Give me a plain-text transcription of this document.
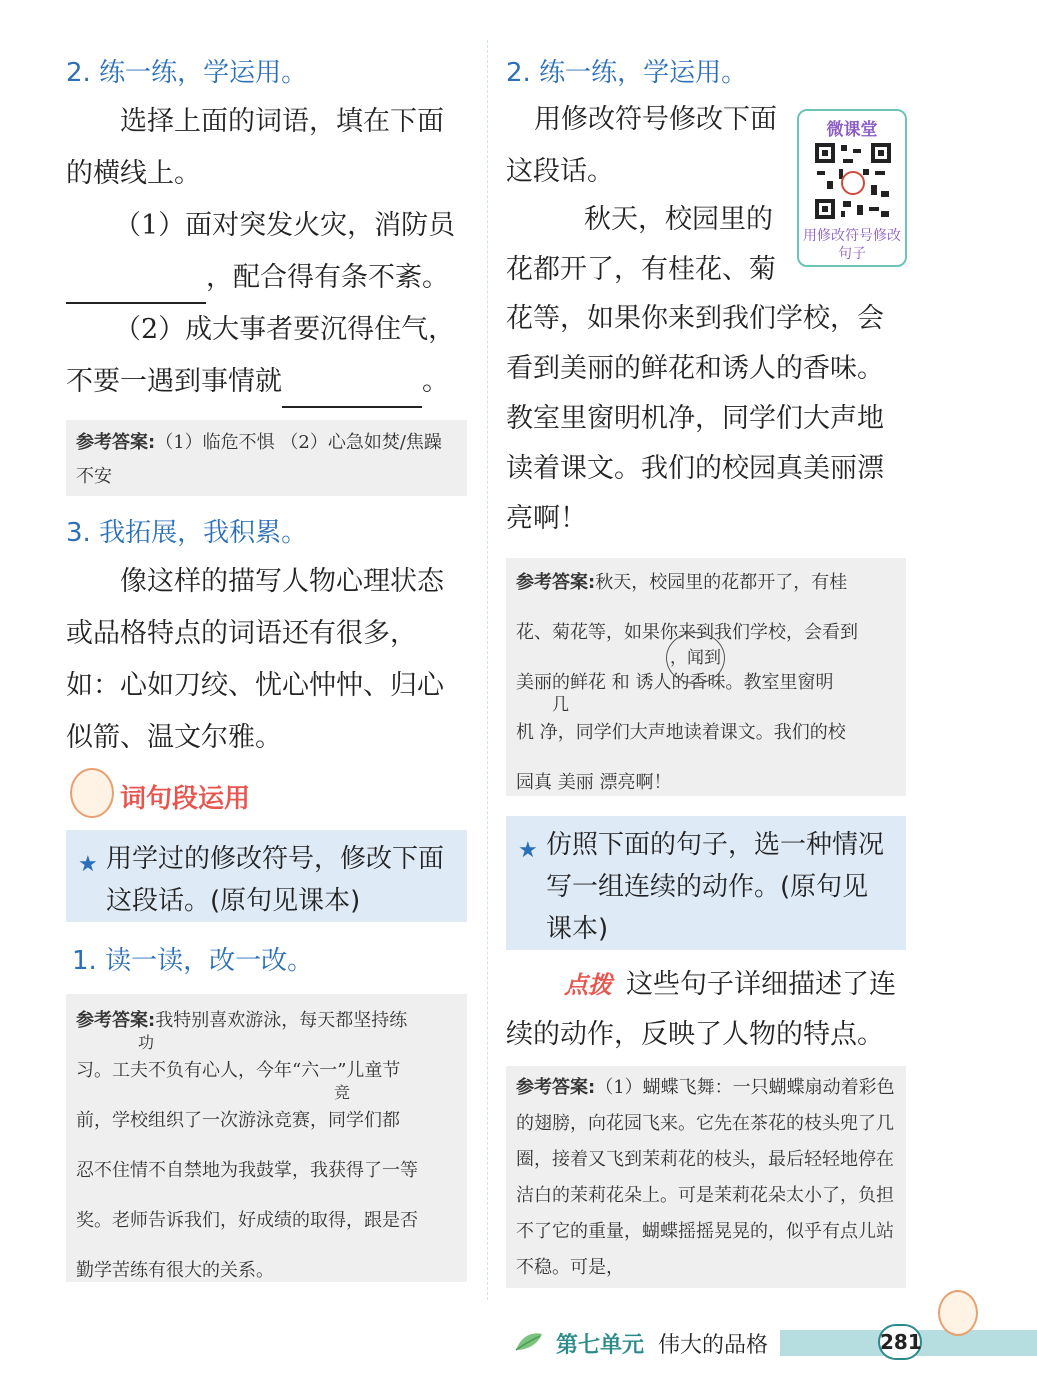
2. 练一练，学运用。
选择上面的词语，填在下面的横线上。
（1）面对突发火灾，消防员
，配合得有条不紊。
（2）成大事者要沉得住气，
不要一遇到事情就	。
参考答案:（1）临危不惧 （2）心急如焚/焦躁不安
3. 我拓展，我积累。
像这样的描写人物心理状态或品格特点的词语还有很多，如：心如刀绞、忧心忡忡、归心似箭、温文尔雅。
词句段运用
★ 用学过的修改符号，修改下面这段话。(原句见课本)
1. 读一读，改一改。
参考答案:我特别喜欢游泳，每天都坚持练
功
习。工夫不负有心人，今年“六一”儿童节
竞
前，学校组织了一次游泳竞赛，同学们都
忍不住情不自禁地为我鼓掌，我获得了一等
奖。老师告诉我们，好成绩的取得，跟是否
勤学苦练有很大的关系。
2. 练一练，学运用。
用修改符号修改下面这段话。
秋天，校园里的
花都开了，有桂花、菊
花等，如果你来到我们学校，会看到美丽的鲜花和诱人的香味。教室里窗明机净，同学们大声地读着课文。我们的校园真美丽漂亮啊！
微课堂
用修改符号修改句子
参考答案:秋天，校园里的花都开了，有桂
花、菊花等，如果你来到我们学校，会看到
，闻到
美丽的鲜花 和 诱人的香味。教室里窗明
几
机 净，同学们大声地读着课文。我们的校
园真 美丽 漂亮啊！
★ 仿照下面的句子，选一种情况写一组连续的动作。(原句见课本)
点拨 这些句子详细描述了连续的动作，反映了人物的特点。
参考答案:（1）蝴蝶飞舞：一只蝴蝶扇动着彩色的翅膀，向花园飞来。它先在茶花的枝头兜了几圈，接着又飞到茉莉花的枝头，最后轻轻地停在洁白的茉莉花朵上。可是茉莉花朵太小了，负担不了它的重量，蝴蝶摇摇晃晃的，似乎有点儿站不稳。可是，
第七单元 伟大的品格	281
